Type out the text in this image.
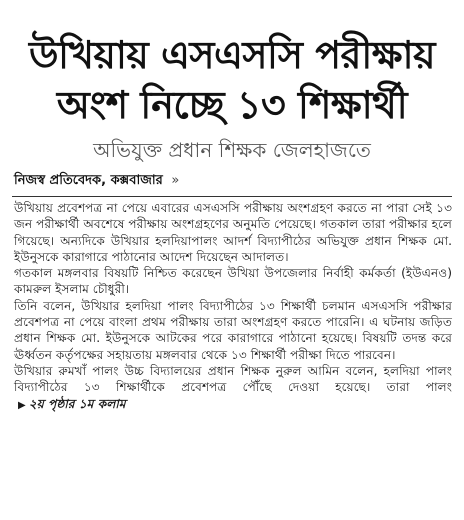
উখিয়ায় এসএসসি পরীক্ষায়
অংশ নিচ্ছে ১৩ শিক্ষার্থী
অভিযুক্ত প্রধান শিক্ষক জেলহাজতে
নিজস্ব প্রতিবেদক, কক্সবাজার »

উখিয়ায় প্রবেশপত্র না পেয়ে এবারের এসএসসি পরীক্ষায় অংশগ্রহণ করতে না পারা সেই ১৩ জন পরীক্ষার্থী অবশেষে পরীক্ষায় অংশগ্রহণের অনুমতি পেয়েছে। গতকাল তারা পরীক্ষার হলে গিয়েছে। অন্যদিকে উখিয়ার হলদিয়াপালং আদর্শ বিদ্যাপীঠের অভিযুক্ত প্রধান শিক্ষক মো. ইউনুসকে কারাগারে পাঠানোর আদেশ দিয়েছেন আদালত।

গতকাল মঙ্গলবার বিষয়টি নিশ্চিত করেছেন উখিয়া উপজেলার নির্বাহী কর্মকর্তা (ইউএনও) কামরুল ইসলাম চৌধুরী।

তিনি বলেন, উখিয়ার হলদিয়া পালং বিদ্যাপীঠের ১৩ শিক্ষার্থী চলমান এসএসসি পরীক্ষার প্রবেশপত্র না পেয়ে বাংলা প্রথম পরীক্ষায় তারা অংশগ্রহণ করতে পারেনি। এ ঘটনায় জড়িত প্রধান শিক্ষক মো. ইউনুসকে আটকের পরে কারাগারে পাঠানো হয়েছে। বিষয়টি তদন্ত করে ঊর্ধ্বতন কর্তৃপক্ষের সহায়তায় মঙ্গলবার থেকে ১৩ শিক্ষার্থী পরীক্ষা দিতে পারবেন।

উখিয়ার রুমখাঁ পালং উচ্চ বিদ্যালয়ের প্রধান শিক্ষক নুরুল আমিন বলেন, হলদিয়া পালং বিদ্যাপীঠের ১৩ শিক্ষার্থীকে প্রবেশপত্র পৌঁছে দেওয়া হয়েছে। তারা পালং ▶ ২য় পৃষ্ঠার ১ম কলাম
